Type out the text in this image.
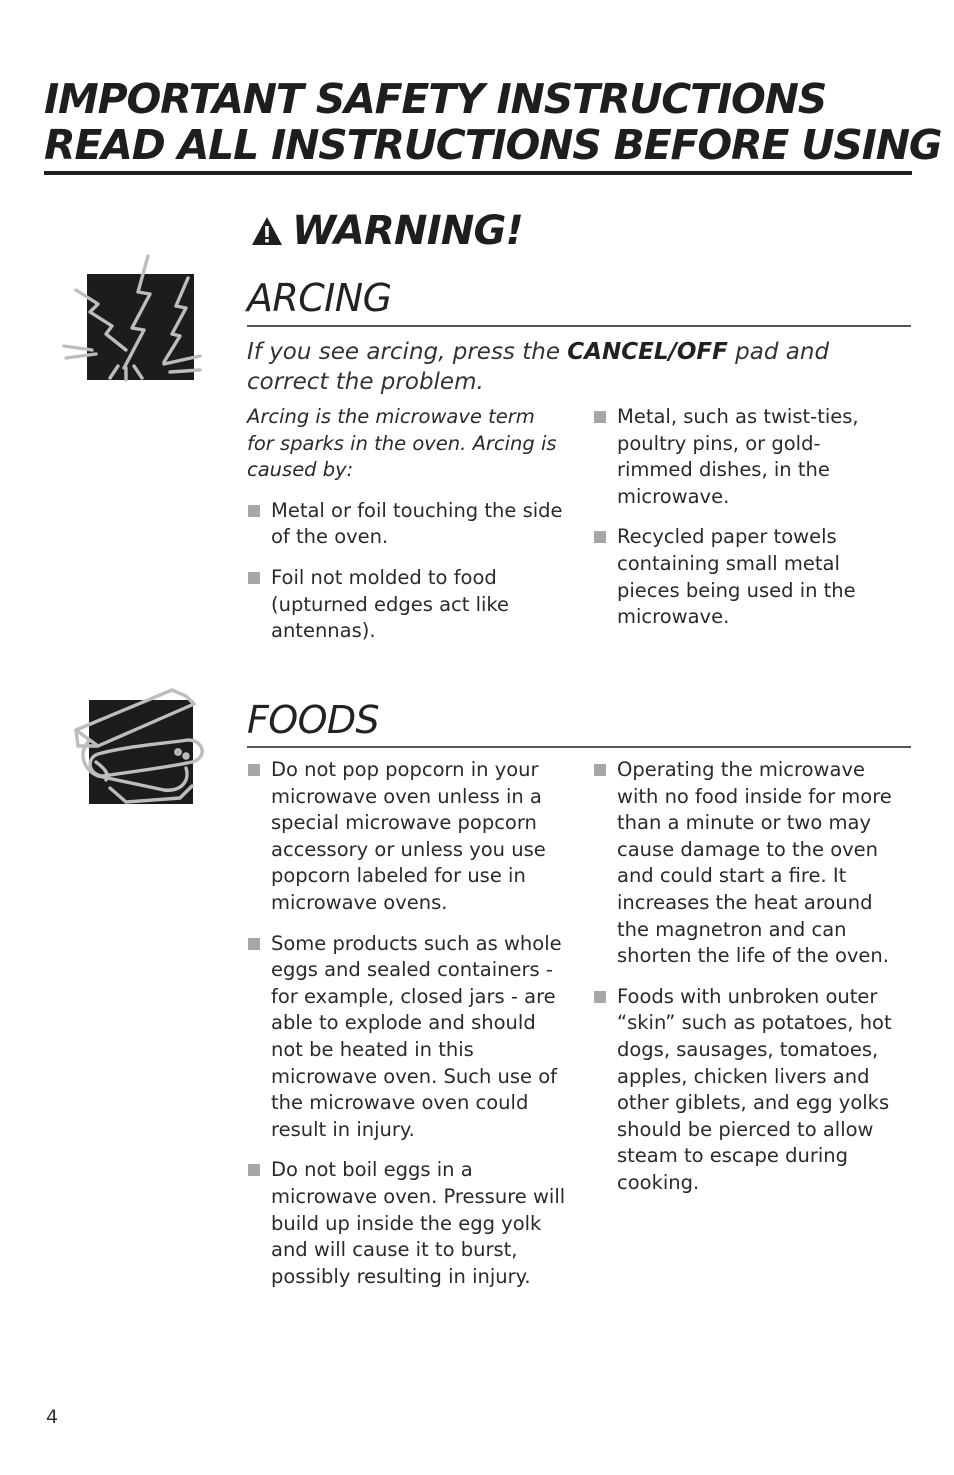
IMPORTANT SAFETY INSTRUCTIONS
READ ALL INSTRUCTIONS BEFORE USING
WARNING!
ARCING

If you see arcing, press the CANCEL/OFF pad and correct the problem.

Arcing is the microwave term for sparks in the oven. Arcing is caused by:

Metal or foil touching the side of the oven.
Foil not molded to food (upturned edges act like antennas).
Metal, such as twist-ties, poultry pins, or gold-rimmed dishes, in the microwave.
Recycled paper towels containing small metal pieces being used in the microwave.
FOODS
Do not pop popcorn in your microwave oven unless in a special microwave popcorn accessory or unless you use popcorn labeled for use in microwave ovens.
Some products such as whole eggs and sealed containers - for example, closed jars - are able to explode and should not be heated in this microwave oven. Such use of the microwave oven could result in injury.
Do not boil eggs in a microwave oven. Pressure will build up inside the egg yolk and will cause it to burst,
possibly resulting in injury.
Operating the microwave with no food inside for more than a minute or two may cause damage to the oven and could start a fire. It increases the heat around the magnetron and can shorten the life of the oven.
Foods with unbroken outer “skin” such as potatoes, hot dogs, sausages, tomatoes, apples, chicken livers and other giblets, and egg yolks should be pierced to allow steam to escape during cooking.
4
